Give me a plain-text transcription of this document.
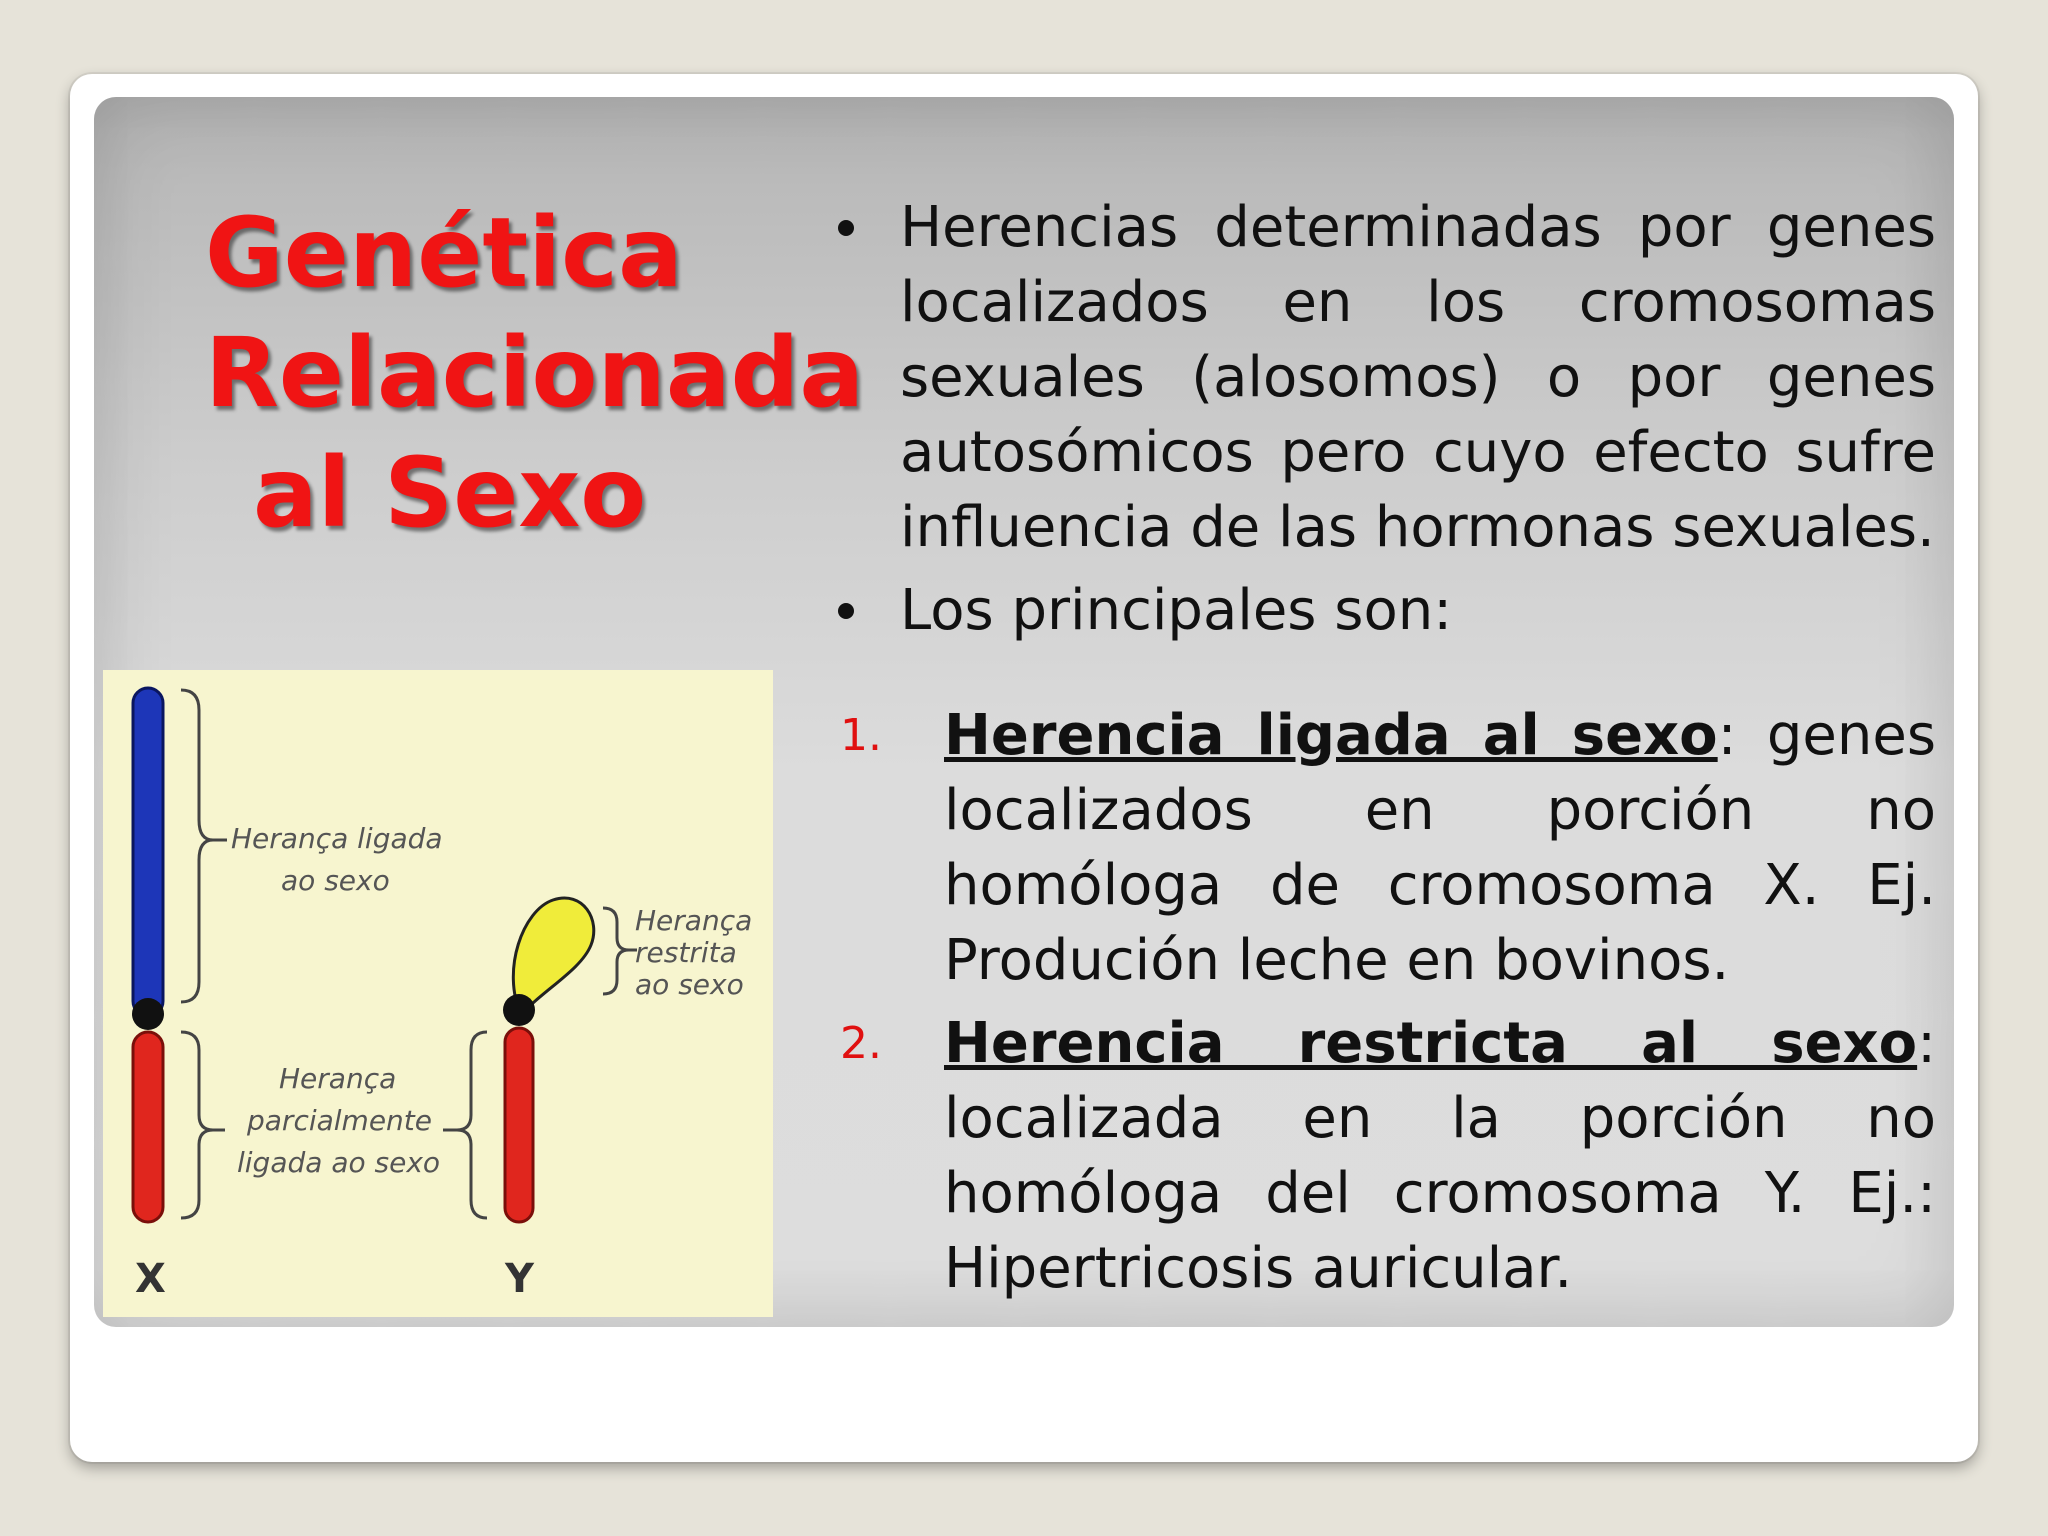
Genética
Relacionada
al Sexo
Herança ligada
ao sexo
Herança
restrita
ao sexo
Herança
parcialmente
ligada ao sexo
X	Y
Herencias determinadas por genes localizados en los cromosomas sexuales (alosomos) o por genes autosómicos pero cuyo efecto sufre influencia de las hormonas sexuales.
Los principales son:
1. Herencia ligada al sexo: genes localizados en porción no homóloga de cromosoma X. Ej. Produción leche en bovinos.
2. Herencia restricta al sexo: localizada en la porción no homóloga del cromosoma Y. Ej.: Hipertricosis auricular.
